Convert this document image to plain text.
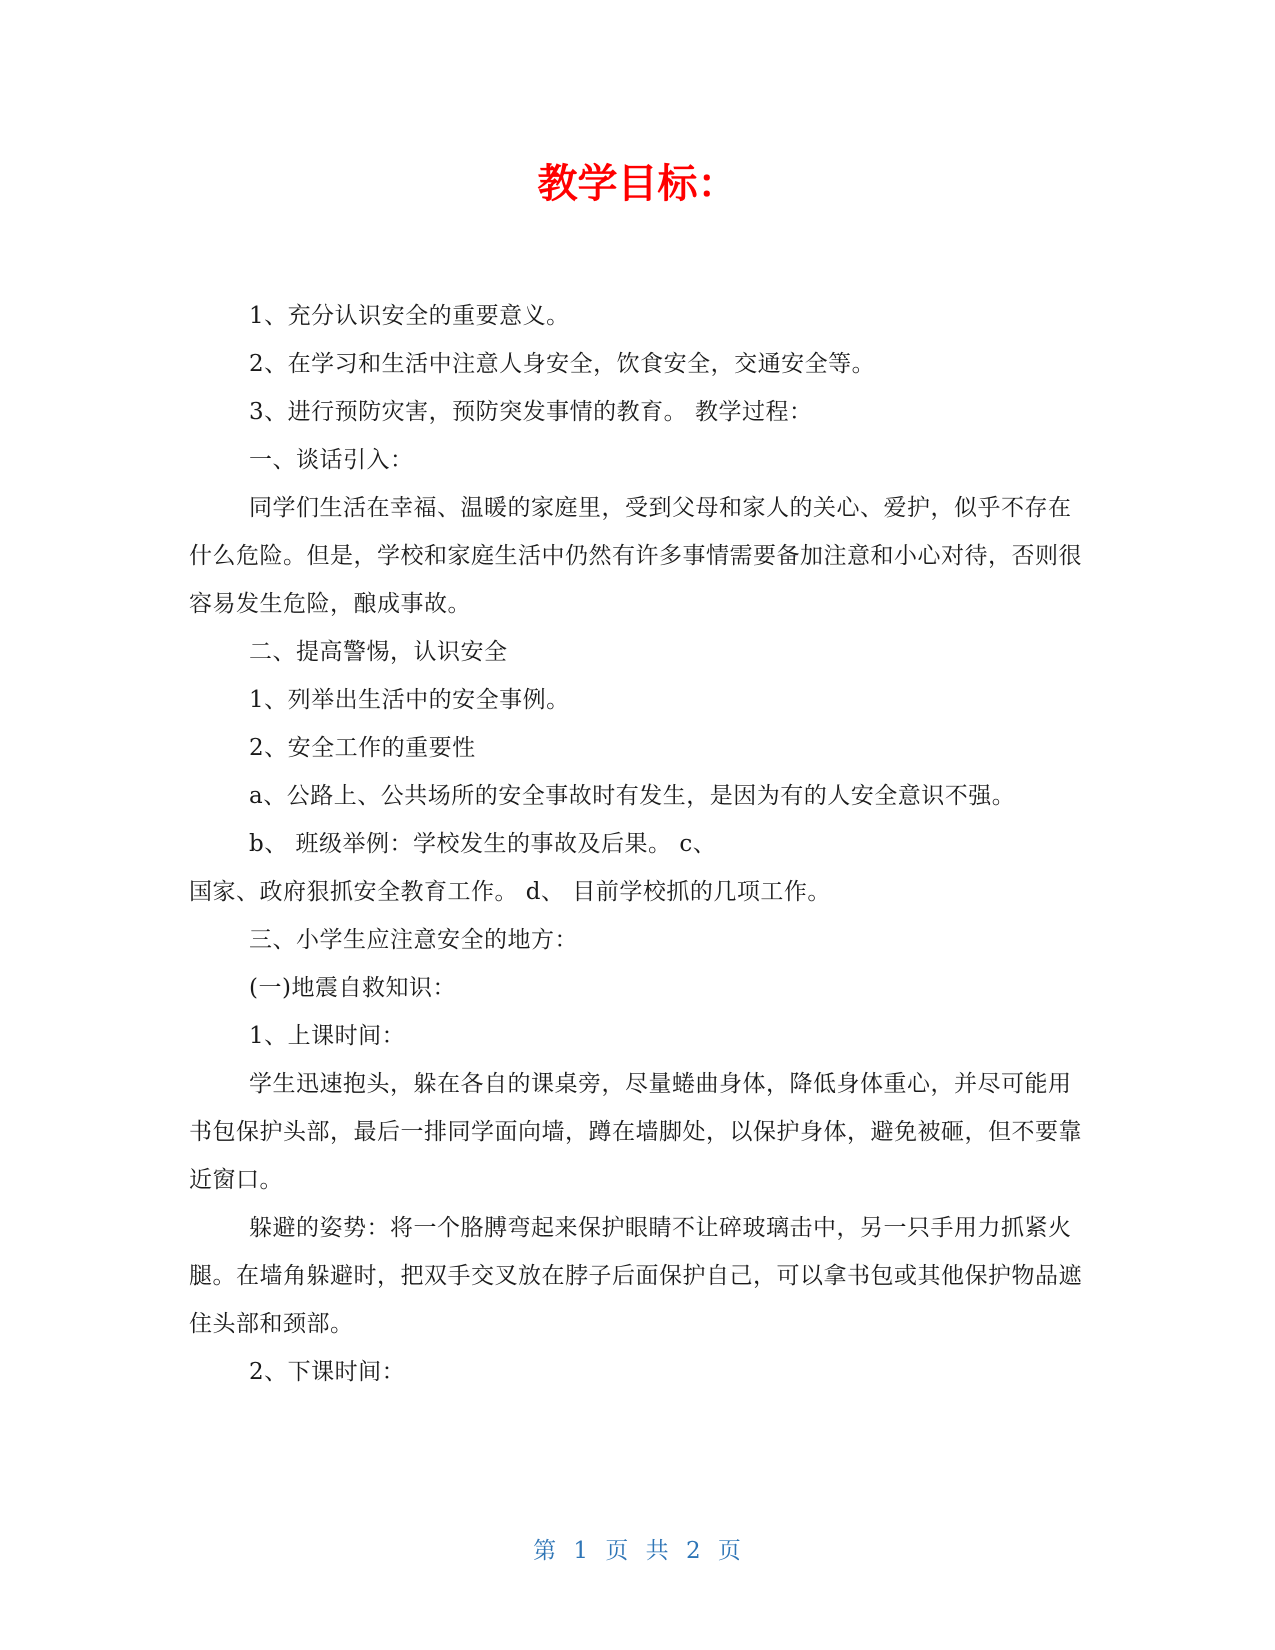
教学目标：

1、充分认识安全的重要意义。

2、在学习和生活中注意人身安全，饮食安全，交通安全等。

3、进行预防灾害，预防突发事情的教育。 教学过程：

一、谈话引入：

同学们生活在幸福、温暖的家庭里，受到父母和家人的关心、爱护，似乎不存在什么危险。但是，学校和家庭生活中仍然有许多事情需要备加注意和小心对待，否则很容易发生危险，酿成事故。

二、提高警惕，认识安全

1、列举出生活中的安全事例。

2、安全工作的重要性

a、公路上、公共场所的安全事故时有发生，是因为有的人安全意识不强。

b、 班级举例：学校发生的事故及后果。 c、

国家、政府狠抓安全教育工作。 d、 目前学校抓的几项工作。

三、小学生应注意安全的地方：

(一)地震自救知识：

1、上课时间：

学生迅速抱头，躲在各自的课桌旁，尽量蜷曲身体，降低身体重心，并尽可能用书包保护头部，最后一排同学面向墙，蹲在墙脚处，以保护身体，避免被砸，但不要靠近窗口。

躲避的姿势：将一个胳膊弯起来保护眼睛不让碎玻璃击中，另一只手用力抓紧火腿。在墙角躲避时，把双手交叉放在脖子后面保护自己，可以拿书包或其他保护物品遮住头部和颈部。

2、下课时间：

第 1 页 共 2 页
